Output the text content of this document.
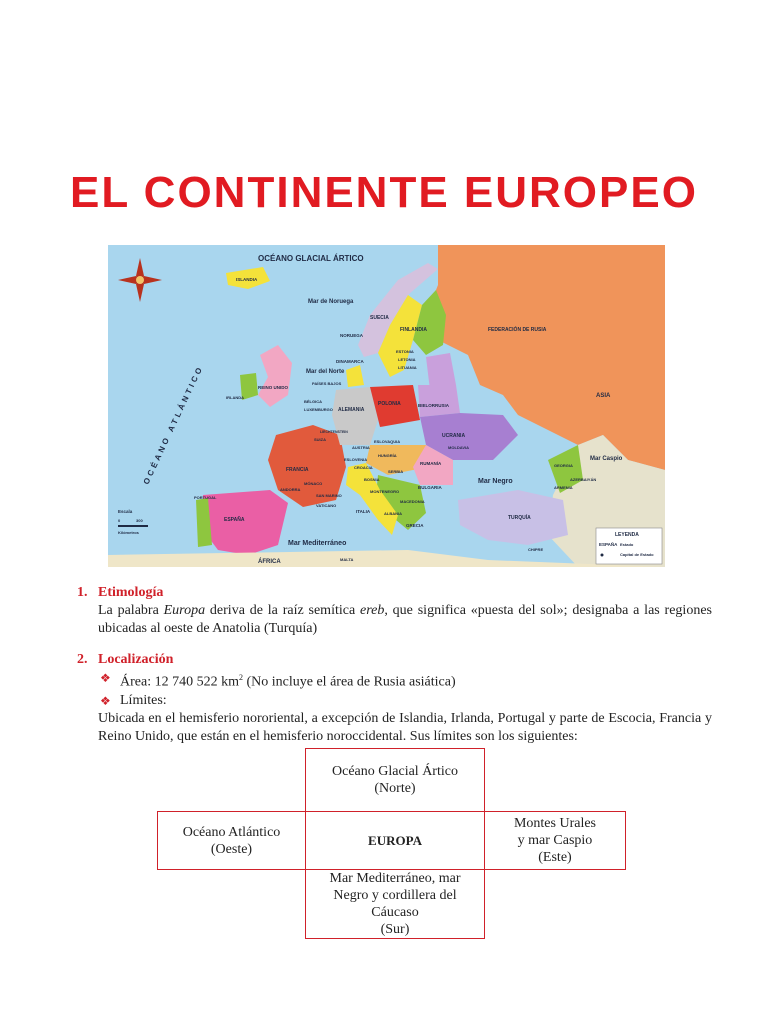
EL CONTINENTE EUROPEO
OCÉANO GLACIAL ÁRTICO
OCÉANO ATLÁNTICO
Mar de Noruega
Mar del Norte
Mar Negro
Mar Caspio
Mar Mediterráneo
ASIA
ÁFRICA
ISLANDIA
NORUEGA
SUECIA
FINLANDIA	FEDERACIÓN DE RUSIA
ESTONIA
LETONIA
LITUANIA
DINAMARCA
REINO UNIDO
IRLANDA
PAÍSES BAJOS
BÉLGICA
ALEMANIA
POLONIA	BIELORRUSIA
UCRANIA
FRANCIA
SUIZA
AUSTRIA
HUNGRÍA
RUMANÍA
MOLDAVIA
ESLOVENIA
CROACIA
SERBIA
BULGARIA
ITALIA
GRECIA
ESPAÑA
PORTUGAL
TURQUÍA
GEORGIA
AZERBAIYÁN
ARMENIA
ANDORRA
MÓNACO
SAN MARINO
VATICANO
ALBANIA
MALTA
CHIPRE
LUXEMBURGO
LIECHTENSTEIN
ESLOVAQUIA
BOSNIA
MACEDONIA
MONTENEGRO
LEYENDA
ESPAÑA Estado
Capital de Estado
Escala
0	300
Kilómetros
1. Etimología
La palabra Europa deriva de la raíz semítica ereb, que significa «puesta del sol»; designaba a las regiones ubicadas al oeste de Anatolia (Turquía)
2. Localización
❖ Área: 12 740 522 $km^2$ (No incluye el área de Rusia asiática)
❖ Límites:
Ubicada en el hemisferio nororiental, a excepción de Islandia, Irlanda, Portugal y parte de Escocia, Francia y Reino Unido, que están en el hemisferio noroccidental. Sus límites son los siguientes:
Océano Glacial Ártico
(Norte)
Océano Atlántico
(Oeste)
EUROPA
Montes Urales
y mar Caspio
(Este)
Mar Mediterráneo, mar
Negro y cordillera del
Cáucaso
(Sur)
